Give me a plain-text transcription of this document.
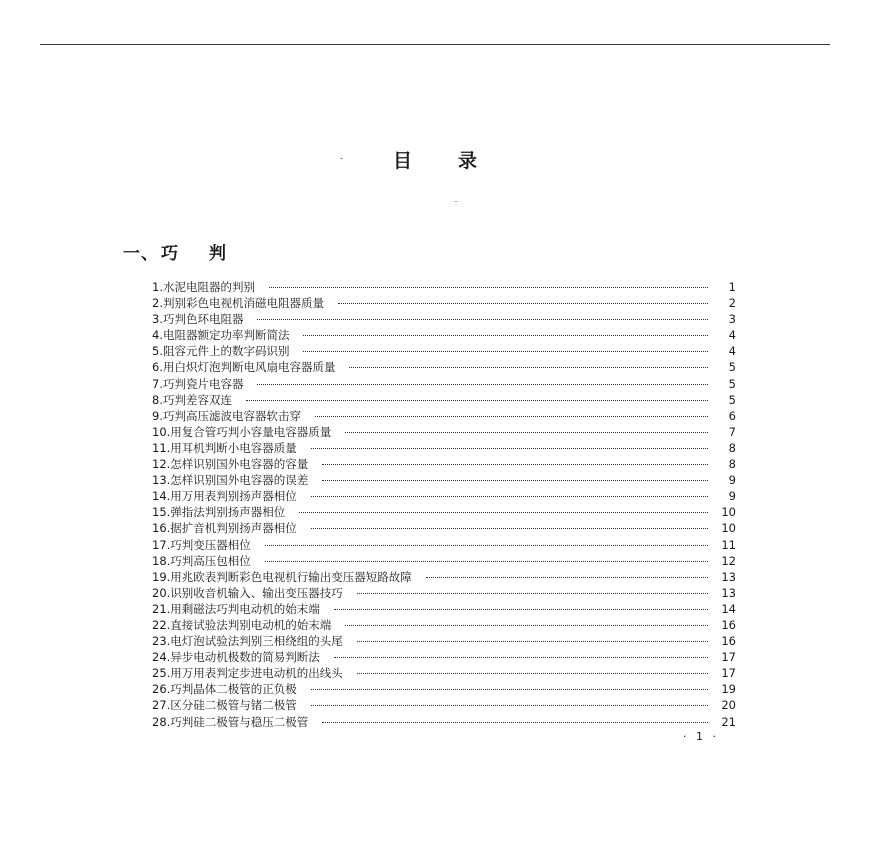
目录
一、 巧 判
1. 水泥电阻器的判别	1
2. 判别彩色电视机消磁电阻器质量	2
3. 巧判色环电阻器	3
4. 电阻器额定功率判断简法	4
5. 阻容元件上的数字码识别	4
6. 用白炽灯泡判断电风扇电容器质量	5
7. 巧判瓷片电容器	5
8. 巧判差容双连	5
9. 巧判高压滤波电容器软击穿	6
10. 用复合管巧判小容量电容器质量	7
11. 用耳机判断小电容器质量	8
12. 怎样识别国外电容器的容量	8
13. 怎样识别国外电容器的误差	9
14. 用万用表判别扬声器相位	9
15. 弹指法判别扬声器相位	10
16. 据扩音机判别扬声器相位	10
17. 巧判变压器相位	11
18. 巧判高压包相位	12
19. 用兆欧表判断彩色电视机行输出变压器短路故障	13
20. 识别收音机输入、输出变压器技巧	13
21. 用剩磁法巧判电动机的始末端	14
22. 直接试验法判别电动机的始末端	16
23. 电灯泡试验法判别三相绕组的头尾	16
24. 异步电动机极数的简易判断法	17
25. 用万用表判定步进电动机的出线头	17
26. 巧判晶体二极管的正负极	19
27. 区分硅二极管与锗二极管	20
28. 巧判硅二极管与稳压二极管	21
· 1 ·
